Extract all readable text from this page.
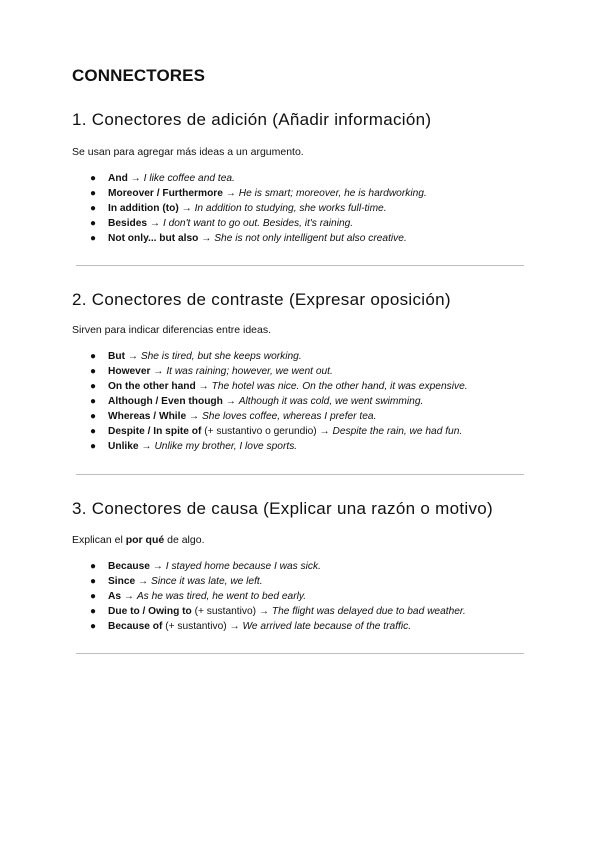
CONNECTORES
1. Conectores de adición (Añadir información)

Se usan para agregar más ideas a un argumento.

● And → I like coffee and tea.
● Moreover / Furthermore → He is smart; moreover, he is hardworking.
● In addition (to) → In addition to studying, she works full-time.
● Besides → I don't want to go out. Besides, it's raining.
● Not only... but also → She is not only intelligent but also creative.
2. Conectores de contraste (Expresar oposición)

Sirven para indicar diferencias entre ideas.

● But → She is tired, but she keeps working.
● However → It was raining; however, we went out.
● On the other hand → The hotel was nice. On the other hand, it was expensive.
● Although / Even though → Although it was cold, we went swimming.
● Whereas / While → She loves coffee, whereas I prefer tea.
● Despite / In spite of (+ sustantivo o gerundio) → Despite the rain, we had fun.
● Unlike → Unlike my brother, I love sports.
3. Conectores de causa (Explicar una razón o motivo)

Explican el por qué de algo.

● Because → I stayed home because I was sick.
● Since → Since it was late, we left.
● As → As he was tired, he went to bed early.
● Due to / Owing to (+ sustantivo) → The flight was delayed due to bad weather.
● Because of (+ sustantivo) → We arrived late because of the traffic.
